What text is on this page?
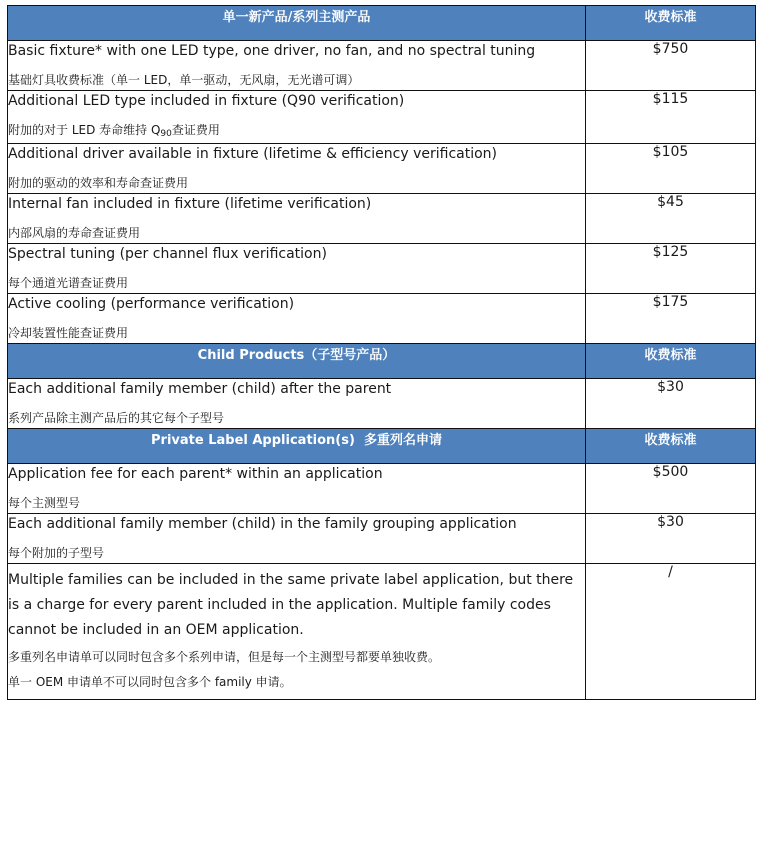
单一新产品/系列主测产品	收费标准

Basic fixture* with one LED type, one driver, no fan, and no spectral tuning
基础灯具收费标准（单一 LED，单一驱动，无风扇，无光谱可调）	$750

Additional LED type included in fixture (Q90 verification)
附加的对于 LED 寿命维持 $Q_{90}$查证费用	$115

Additional driver available in fixture (lifetime & efficiency verification)
附加的驱动的效率和寿命查证费用	$105

Internal fan included in fixture (lifetime verification)
内部风扇的寿命查证费用	$45

Spectral tuning (per channel flux verification)
每个通道光谱查证费用	$125

Active cooling (performance verification)
冷却装置性能查证费用	$175
Child Products（子型号产品）	收费标准

Each additional family member (child) after the parent
系列产品除主测产品后的其它每个子型号	$30
Private Label Application(s)  多重列名申请	收费标准

Application fee for each parent* within an application
每个主测型号	$500

Each additional family member (child) in the family grouping application
每个附加的子型号	$30

Multiple families can be included in the same private label application, but there is a charge for every parent included in the application. Multiple family codes cannot be included in an OEM application.
多重列名申请单可以同时包含多个系列申请，但是每一个主测型号都要单独收费。
单一 OEM 申请单不可以同时包含多个 family 申请。	/
